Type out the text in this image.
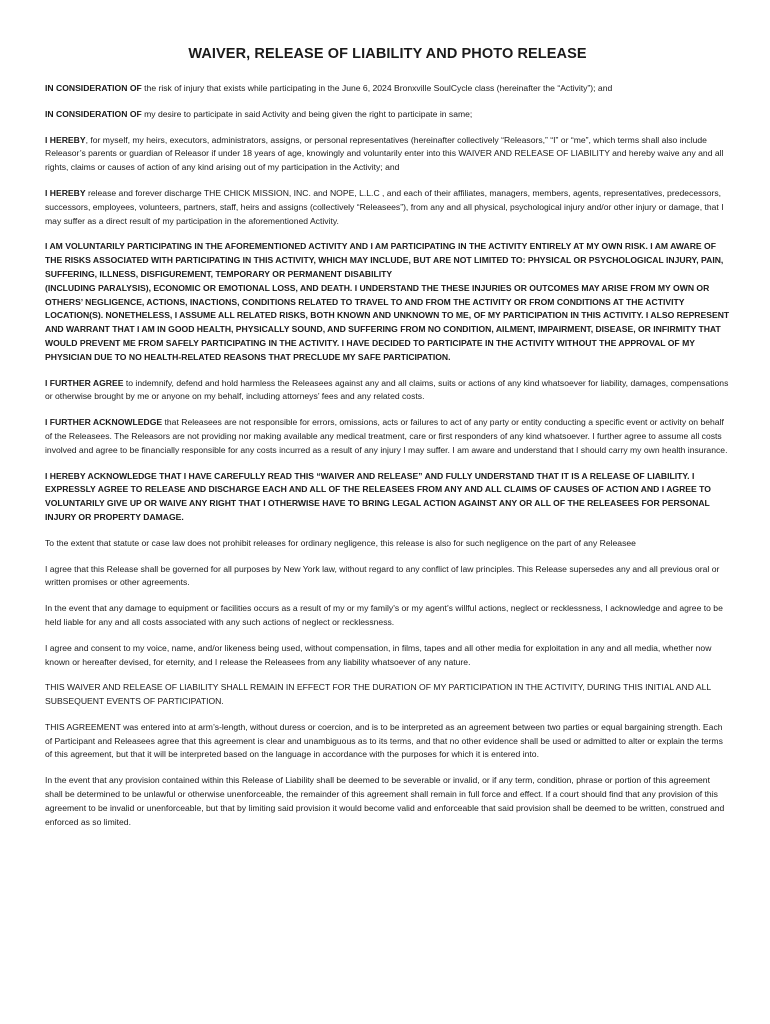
WAIVER, RELEASE OF LIABILITY AND PHOTO RELEASE

IN CONSIDERATION OF the risk of injury that exists while participating in the June 6, 2024 Bronxville SoulCycle class (hereinafter the “Activity”); and

IN CONSIDERATION OF my desire to participate in said Activity and being given the right to participate in same;

I HEREBY, for myself, my heirs, executors, administrators, assigns, or personal representatives (hereinafter collectively “Releasors,” “I” or “me”, which terms shall also include Releasor’s parents or guardian of Releasor if under 18 years of age, knowingly and voluntarily enter into this WAIVER AND RELEASE OF LIABILITY and hereby waive any and all rights, claims or causes of action of any kind arising out of my participation in the Activity; and

I HEREBY release and forever discharge THE CHICK MISSION, INC. and NOPE, L.L.C , and each of their affiliates, managers, members, agents, representatives, predecessors, successors, employees, volunteers, partners, staff, heirs and assigns (collectively “Releasees”), from any and all physical, psychological injury and/or other injury or damage, that I may suffer as a direct result of my participation in the aforementioned Activity.

I AM VOLUNTARILY PARTICIPATING IN THE AFOREMENTIONED ACTIVITY AND I AM PARTICIPATING IN THE ACTIVITY ENTIRELY AT MY OWN RISK. I AM AWARE OF THE RISKS ASSOCIATED WITH PARTICIPATING IN THIS ACTIVITY, WHICH MAY INCLUDE, BUT ARE NOT LIMITED TO: PHYSICAL OR PSYCHOLOGICAL INJURY, PAIN, SUFFERING, ILLNESS, DISFIGUREMENT, TEMPORARY OR PERMANENT DISABILITY
(INCLUDING PARALYSIS), ECONOMIC OR EMOTIONAL LOSS, AND DEATH. I UNDERSTAND THE THESE INJURIES OR OUTCOMES MAY ARISE FROM MY OWN OR OTHERS’ NEGLIGENCE, ACTIONS, INACTIONS, CONDITIONS RELATED TO TRAVEL TO AND FROM THE ACTIVITY OR FROM CONDITIONS AT THE ACTIVITY LOCATION(S). NONETHELESS, I ASSUME ALL RELATED RISKS, BOTH KNOWN AND UNKNOWN TO ME, OF MY PARTICIPATION IN THIS ACTIVITY. I ALSO REPRESENT AND WARRANT THAT I AM IN GOOD HEALTH, PHYSICALLY SOUND, AND SUFFERING FROM NO CONDITION, AILMENT, IMPAIRMENT, DISEASE, OR INFIRMITY THAT WOULD PREVENT ME FROM SAFELY PARTICIPATING IN THE ACTIVITY. I HAVE DECIDED TO PARTICIPATE IN THE ACTIVITY WITHOUT THE APPROVAL OF MY PHYSICIAN DUE TO NO HEALTH-RELATED REASONS THAT PRECLUDE MY SAFE PARTICIPATION.

I FURTHER AGREE to indemnify, defend and hold harmless the Releasees against any and all claims, suits or actions of any kind whatsoever for liability, damages, compensations or otherwise brought by me or anyone on my behalf, including attorneys’ fees and any related costs.

I FURTHER ACKNOWLEDGE that Releasees are not responsible for errors, omissions, acts or failures to act of any party or entity conducting a specific event or activity on behalf of the Releasees. The Releasors are not providing nor making available any medical treatment, care or first responders of any kind whatsoever. I further agree to assume all costs involved and agree to be financially responsible for any costs incurred as a result of any injury I may suffer. I am aware and understand that I should carry my own health insurance.

I HEREBY ACKNOWLEDGE THAT I HAVE CAREFULLY READ THIS “WAIVER AND RELEASE” AND FULLY UNDERSTAND THAT IT IS A RELEASE OF LIABILITY. I EXPRESSLY AGREE TO RELEASE AND DISCHARGE EACH AND ALL OF THE RELEASEES FROM ANY AND ALL CLAIMS OF CAUSES OF ACTION AND I AGREE TO VOLUNTARILY GIVE UP OR WAIVE ANY RIGHT THAT I OTHERWISE HAVE TO BRING LEGAL ACTION AGAINST ANY OR ALL OF THE RELEASEES FOR PERSONAL INJURY OR PROPERTY DAMAGE.

To the extent that statute or case law does not prohibit releases for ordinary negligence, this release is also for such negligence on the part of any Releasee

I agree that this Release shall be governed for all purposes by New York law, without regard to any conflict of law principles. This Release supersedes any and all previous oral or written promises or other agreements.

In the event that any damage to equipment or facilities occurs as a result of my or my family's or my agent’s willful actions, neglect or recklessness, I acknowledge and agree to be held liable for any and all costs associated with any such actions of neglect or recklessness.

I agree and consent to my voice, name, and/or likeness being used, without compensation, in films, tapes and all other media for exploitation in any and all media, whether now known or hereafter devised, for eternity, and I release the Releasees from any liability whatsoever of any nature.

THIS WAIVER AND RELEASE OF LIABILITY SHALL REMAIN IN EFFECT FOR THE DURATION OF MY PARTICIPATION IN THE ACTIVITY, DURING THIS INITIAL AND ALL SUBSEQUENT EVENTS OF PARTICIPATION.

THIS AGREEMENT was entered into at arm’s-length, without duress or coercion, and is to be interpreted as an agreement between two parties or equal bargaining strength. Each of Participant and Releasees agree that this agreement is clear and unambiguous as to its terms, and that no other evidence shall be used or admitted to alter or explain the terms of this agreement, but that it will be interpreted based on the language in accordance with the purposes for which it is entered into.

In the event that any provision contained within this Release of Liability shall be deemed to be severable or invalid, or if any term, condition, phrase or portion of this agreement shall be determined to be unlawful or otherwise unenforceable, the remainder of this agreement shall remain in full force and effect. If a court should find that any provision of this agreement to be invalid or unenforceable, but that by limiting said provision it would become valid and enforceable that said provision shall be deemed to be written, construed and enforced as so limited.
